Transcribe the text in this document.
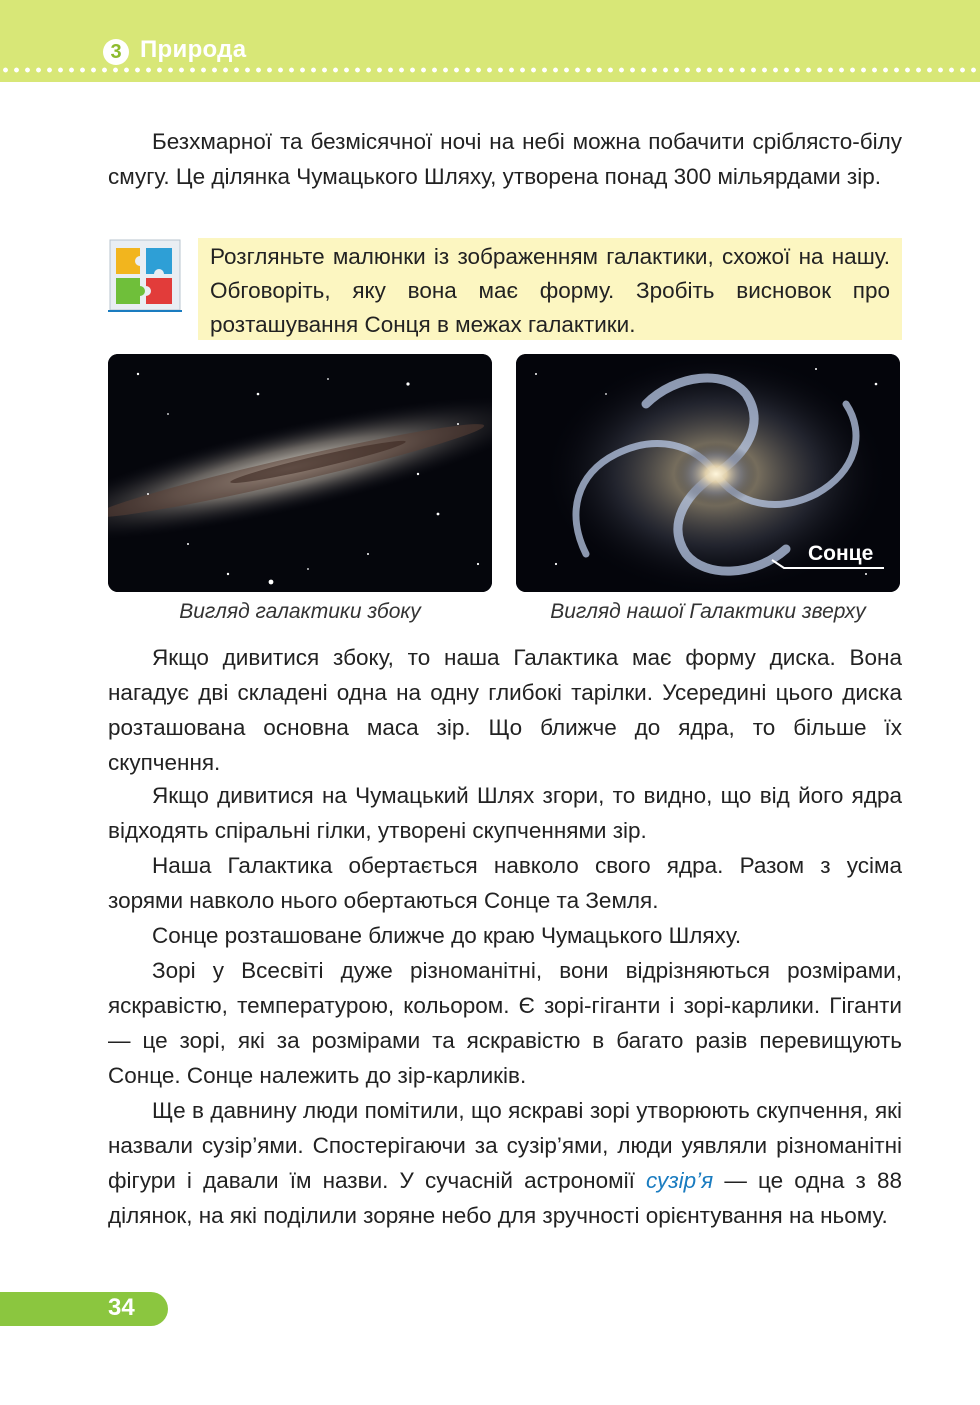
3 Природа

Безхмарної та безмісячної ночі на небі можна побачити сріблясто-білу смугу. Це ділянка Чумацького Шляху, утворена понад 300 мільярдами зір.

Розгляньте малюнки із зображенням галактики, схожої на нашу. Обговоріть, яку вона має форму. Зробіть висновок про розташування Сонця в межах галактики.

Сонце
Вигляд галактики збоку	Вигляд нашої Галактики зверху

Якщо дивитися збоку, то наша Галактика має форму диска. Вона нагадує дві складені одна на одну глибокі тарілки. Усередині цього диска розташована основна маса зір. Що ближче до ядра, то більше їх скупчення.

Якщо дивитися на Чумацький Шлях згори, то видно, що від його ядра відходять спіральні гілки, утворені скупченнями зір.

Наша Галактика обертається навколо свого ядра. Разом з усіма зорями навколо нього обертаються Сонце та Земля.

Сонце розташоване ближче до краю Чумацького Шляху.

Зорі у Всесвіті дуже різноманітні, вони відрізняються розмірами, яскравістю, температурою, кольором. Є зорі-гіганти і зорі-карлики. Гіганти — це зорі, які за розмірами та яскравістю в багато разів перевищують Сонце. Сонце належить до зір-карликів.

Ще в давнину люди помітили, що яскраві зорі утворюють скупчення, які назвали сузір’ями. Спостерігаючи за сузір’ями, люди уявляли різноманітні фігури і давали їм назви. У сучасній астрономії сузір’я — це одна з 88 ділянок, на які поділили зоряне небо для зручності орієнтування на ньому.

34
